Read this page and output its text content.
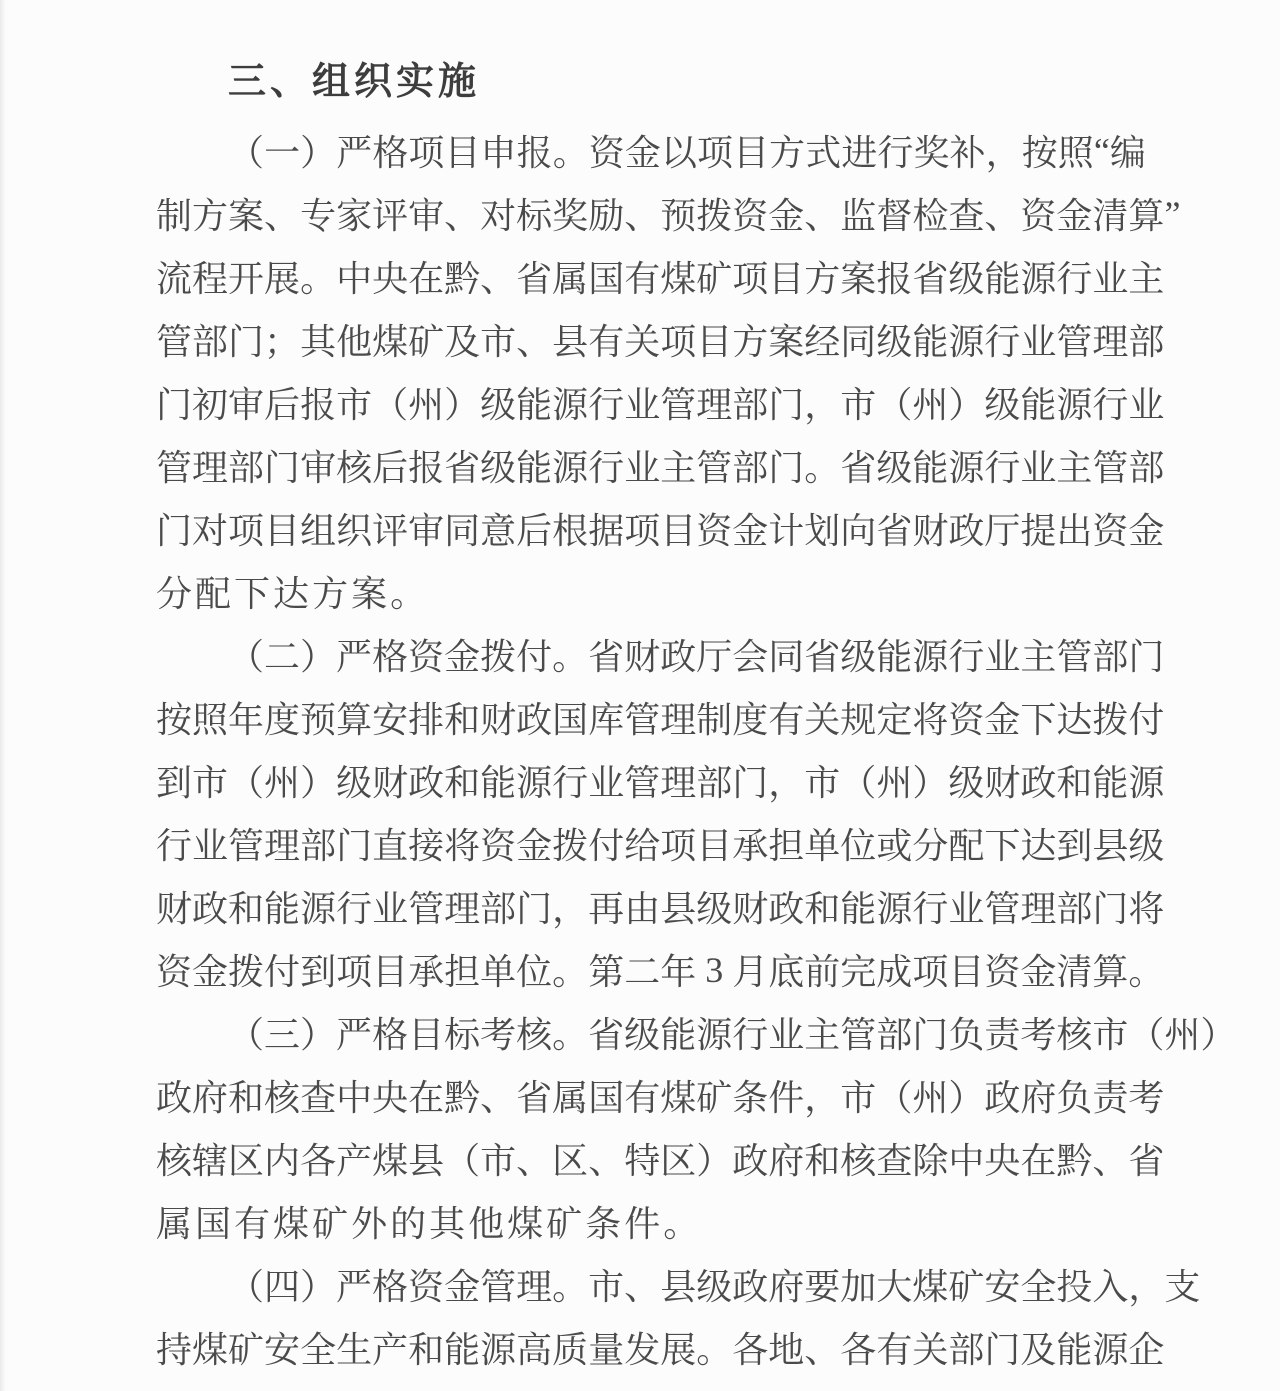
三、组织实施
（ 一 ） 严 格 项 目 申 报 。 资 金 以 项 目 方 式 进 行 奖 补 ， 按 照 “ 编
制 方 案 、 专 家 评 审 、 对 标 奖 励 、 预 拨 资 金 、 监 督 检 查 、 资 金 清 算 ”
流 程 开 展 。 中 央 在 黔 、 省 属 国 有 煤 矿 项 目 方 案 报 省 级 能 源 行 业 主
管 部 门 ； 其 他 煤 矿 及 市 、 县 有 关 项 目 方 案 经 同 级 能 源 行 业 管 理 部
门 初 审 后 报 市 （ 州 ） 级 能 源 行 业 管 理 部 门 ， 市 （ 州 ） 级 能 源 行 业
管 理 部 门 审 核 后 报 省 级 能 源 行 业 主 管 部 门 。 省 级 能 源 行 业 主 管 部
门 对 项 目 组 织 评 审 同 意 后 根 据 项 目 资 金 计 划 向 省 财 政 厅 提 出 资 金
分 配 下 达 方 案 。
（ 二 ） 严 格 资 金 拨 付 。 省 财 政 厅 会 同 省 级 能 源 行 业 主 管 部 门
按 照 年 度 预 算 安 排 和 财 政 国 库 管 理 制 度 有 关 规 定 将 资 金 下 达 拨 付
到 市 （ 州 ） 级 财 政 和 能 源 行 业 管 理 部 门 ， 市 （ 州 ） 级 财 政 和 能 源
行 业 管 理 部 门 直 接 将 资 金 拨 付 给 项 目 承 担 单 位 或 分 配 下 达 到 县 级
财 政 和 能 源 行 业 管 理 部 门 ， 再 由 县 级 财 政 和 能 源 行 业 管 理 部 门 将
资 金 拨 付 到 项 目 承 担 单 位 。 第 二 年
3
月 底 前 完 成 项 目 资 金 清 算 。
（ 三 ） 严 格 目 标 考 核 。 省 级 能 源 行 业 主 管 部 门 负 责 考 核 市 （ 州 ）
政 府 和 核 查 中 央 在 黔 、 省 属 国 有 煤 矿 条 件 ， 市 （ 州 ） 政 府 负 责 考
核 辖 区 内 各 产 煤 县 （ 市 、 区 、 特 区 ） 政 府 和 核 查 除 中 央 在 黔 、 省
属 国 有 煤 矿 外 的 其 他 煤 矿 条 件 。
（ 四 ） 严 格 资 金 管 理 。 市 、 县 级 政 府 要 加 大 煤 矿 安 全 投 入 ， 支
持 煤 矿 安 全 生 产 和 能 源 高 质 量 发 展 。 各 地 、 各 有 关 部 门 及 能 源 企
